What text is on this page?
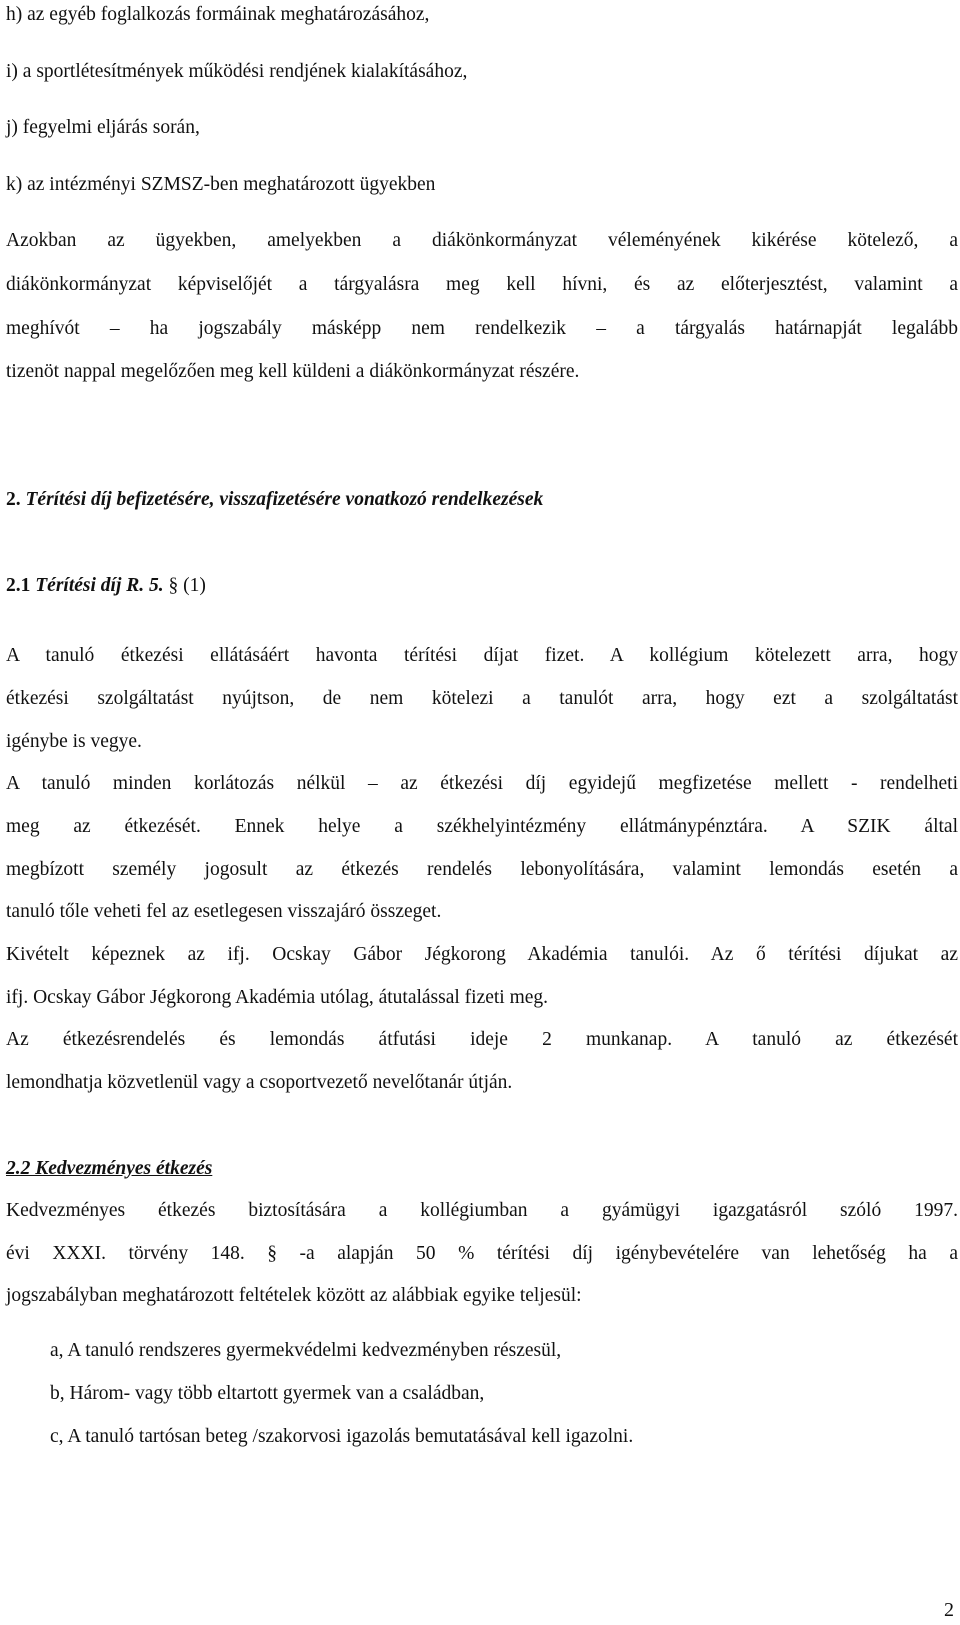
h) az egyéb foglalkozás formáinak meghatározásához,

i) a sportlétesítmények működési rendjének kialakításához,

j) fegyelmi eljárás során,

k) az intézményi SZMSZ-ben meghatározott ügyekben

Azokban az ügyekben, amelyekben a diákönkormányzat véleményének kikérése kötelező, a

diákönkormányzat képviselőjét a tárgyalásra meg kell hívni, és az előterjesztést, valamint a

meghívót – ha jogszabály másképp nem rendelkezik – a tárgyalás határnapját legalább

tizenöt nappal megelőzően meg kell küldeni a diákönkormányzat részére.

2. Térítési díj befizetésére, visszafizetésére vonatkozó rendelkezések

2.1 Térítési díj R. 5. § (1)

A tanuló étkezési ellátásáért havonta térítési díjat fizet. A kollégium kötelezett arra, hogy

étkezési szolgáltatást nyújtson, de nem kötelezi a tanulót arra, hogy ezt a szolgáltatást

igénybe is vegye.

A tanuló minden korlátozás nélkül – az étkezési díj egyidejű megfizetése mellett - rendelheti

meg az étkezését. Ennek helye a székhelyintézmény ellátmánypénztára. A SZIK által

megbízott személy jogosult az étkezés rendelés lebonyolítására, valamint lemondás esetén a

tanuló tőle veheti fel az esetlegesen visszajáró összeget.

Kivételt képeznek az ifj. Ocskay Gábor Jégkorong Akadémia tanulói. Az ő térítési díjukat az

ifj. Ocskay Gábor Jégkorong Akadémia utólag, átutalással fizeti meg.

Az étkezésrendelés és lemondás átfutási ideje 2 munkanap. A tanuló az étkezését

lemondhatja közvetlenül vagy a csoportvezető nevelőtanár útján.

2.2 Kedvezményes étkezés

Kedvezményes étkezés biztosítására a kollégiumban a gyámügyi igazgatásról szóló 1997.

évi XXXI. törvény 148. § -a alapján 50 % térítési díj igénybevételére van lehetőség ha a

jogszabályban meghatározott feltételek között az alábbiak egyike teljesül:

a, A tanuló rendszeres gyermekvédelmi kedvezményben részesül,

b, Három- vagy több eltartott gyermek van a családban,

c, A tanuló tartósan beteg /szakorvosi igazolás bemutatásával kell igazolni.

2
